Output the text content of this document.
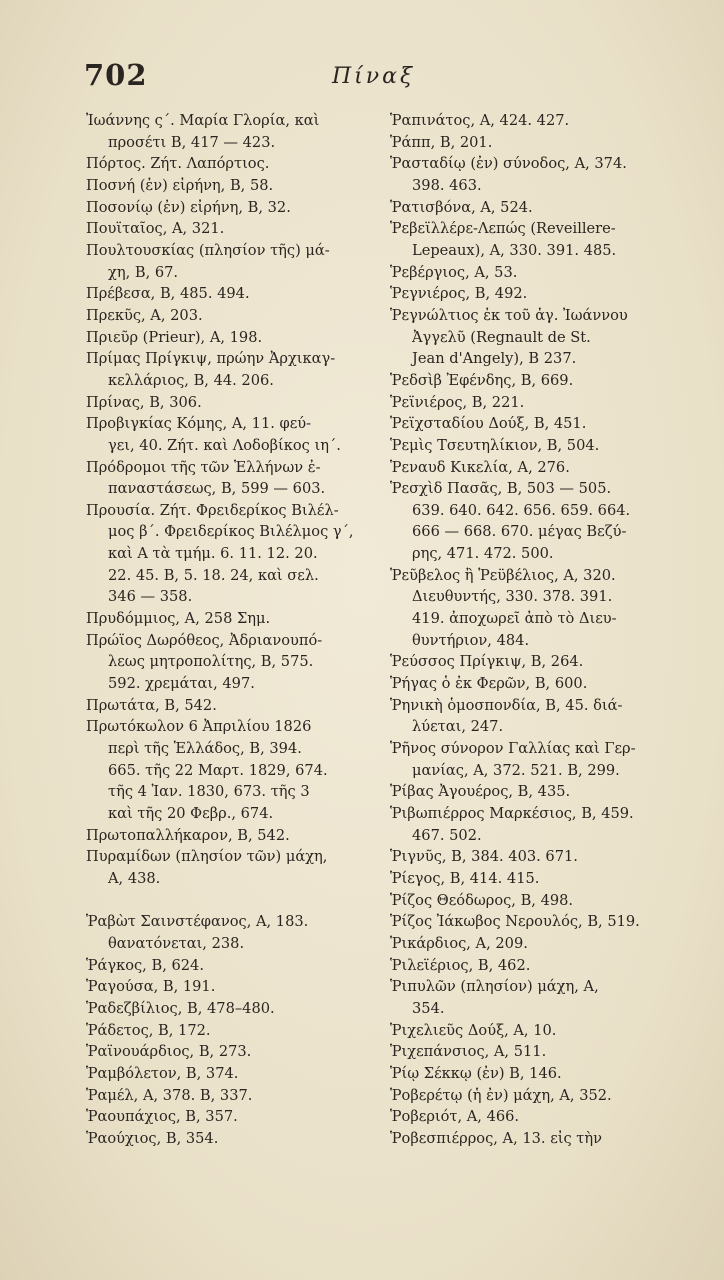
702	Πίναξ

Ἰωάννης ς΄. Μαρία Γλορία, καὶ
προσέτι Β, 417 — 423.

Πόρτος. Ζήτ. Λαπόρτιος.

Ποσνή (ἐν) εἰρήνη, Β, 58.

Ποσονίῳ (ἐν) εἰρήνη, Β, 32.

Πουϊταῖος, Α, 321.

Πουλτουσκίας (πλησίον τῆς) μά-
χη, Β, 67.

Πρέβεσα, Β, 485. 494.

Πρεκῦς, Α, 203.

Πριεῦρ (Prieur), Α, 198.

Πρίμας Πρίγκιψ, πρώην Ἀρχικαγ-
κελλάριος, Β, 44. 206.

Πρίνας, Β, 306.

Προβιγκίας Κόμης, Α, 11. φεύ-
γει, 40. Ζήτ. καὶ Λοδοβίκος ιη΄.

Πρόδρομοι τῆς τῶν Ἑλλήνων ἐ-
παναστάσεως, Β, 599 — 603.

Προυσία. Ζήτ. Φρειδερίκος Βιλέλ-
μος β΄. Φρειδερίκος Βιλέλμος γ΄,
καὶ Α τὰ τμήμ. 6. 11. 12. 20.
22. 45. Β, 5. 18. 24, καὶ σελ.
346 — 358.

Πρυδόμμιος, Α, 258 Σημ.

Πρώϊος Δωρόθεος, Ἀδριανουπό-
λεως μητροπολίτης, Β, 575.
592. χρεμάται, 497.

Πρωτάτα, Β, 542.

Πρωτόκωλον 6 Ἀπριλίου 1826
περὶ τῆς Ἑλλάδος, Β, 394.
665. τῆς 22 Μαρτ. 1829, 674.
τῆς 4 Ἰαν. 1830, 673. τῆς 3
καὶ τῆς 20 Φεβρ., 674.

Πρωτοπαλλήκαρον, Β, 542.

Πυραμίδων (πλησίον τῶν) μάχη,
Α, 438.

Ῥαβὼτ Σαινστέφανος, Α, 183.
θανατόνεται, 238.

Ῥάγκος, Β, 624.

Ῥαγούσα, Β, 191.

Ῥαδεζβίλιος, Β, 478–480.

Ῥάδετος, Β, 172.

Ῥαϊνουάρδιος, Β, 273.

Ῥαμβόλετον, Β, 374.

Ῥαμέλ, Α, 378. Β, 337.

Ῥαουπάχιος, Β, 357.

Ῥαούχιος, Β, 354.

Ῥαπινάτος, Α, 424. 427.

Ῥάππ, Β, 201.

Ῥασταδίῳ (ἐν) σύνοδος, Α, 374.
398. 463.

Ῥατισβόνα, Α, 524.

Ῥεβεϊλλέρε-Λεπώς (Reveillere-
Lepeaux), Α, 330. 391. 485.

Ῥεβέργιος, Α, 53.

Ῥεγνιέρος, Β, 492.

Ῥεγνώλτιος ἐκ τοῦ ἁγ. Ἰωάννου
Ἀγγελῦ (Regnault de St.
Jean d'Angely), Β 237.

Ῥεδσὶβ Ἐφένδης, Β, 669.

Ῥεϊνιέρος, Β, 221.

Ῥεϊχσταδίου Δούξ, Β, 451.

Ῥεμὶς Τσευτηλίκιον, Β, 504.

Ῥεναυδ Κικελία, Α, 276.

Ῥεσχὶδ Πασᾶς, Β, 503 — 505.
639. 640. 642. 656. 659. 664.
666 — 668. 670. μέγας Βεζύ-
ρης, 471. 472. 500.

Ῥεῦβελος ἢ Ῥεϋβέλιος, Α, 320.
Διευθυντής, 330. 378. 391.
419. ἀποχωρεῖ ἀπὸ τὸ Διευ-
θυντήριον, 484.

Ῥεύσσος Πρίγκιψ, Β, 264.

Ῥήγας ὁ ἐκ Φερῶν, Β, 600.

Ῥηνικὴ ὁμοσπονδία, Β, 45. διά-
λύεται, 247.

Ῥῆνος σύνορον Γαλλίας καὶ Γερ-
μανίας, Α, 372. 521. Β, 299.

Ῥίβας Ἀγουέρος, Β, 435.

Ῥιβωπιέρρος Μαρκέσιος, Β, 459.
467. 502.

Ῥιγνῦς, Β, 384. 403. 671.

Ῥίεγος, Β, 414. 415.

Ῥίζος Θεόδωρος, Β, 498.

Ῥίζος Ἰάκωβος Νερουλός, Β, 519.

Ῥικάρδιος, Α, 209.

Ῥιλεϊέριος, Β, 462.

Ῥιπυλῶν (πλησίον) μάχη, Α,
354.

Ῥιχελιεῦς Δούξ, Α, 10.

Ῥιχεπάνσιος, Α, 511.

Ῥίῳ Σέκκῳ (ἐν) Β, 146.

Ῥοβερέτῳ (ἡ ἐν) μάχη, Α, 352.

Ῥοβεριότ, Α, 466.

Ῥοβεσπιέρρος, Α, 13. εἰς τὴν
